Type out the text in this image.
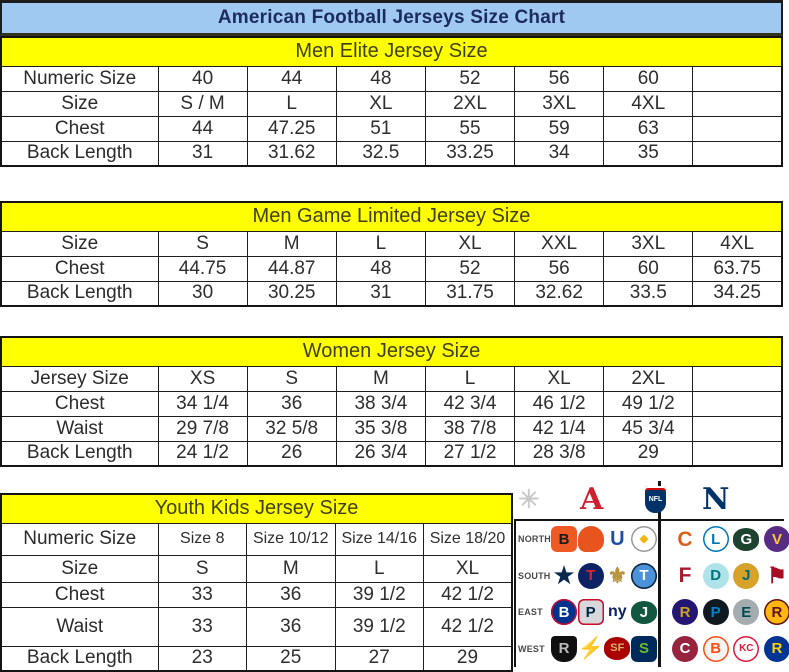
American Football Jerseys Size Chart
Men Elite Jersey Size							
Numeric Size	40	44	48	52	56	60	
Size	S / M	L	XL	2XL	3XL	4XL	
Chest	44	47.25	51	55	59	63	
Back Length	31	31.62	32.5	33.25	34	35	
Men Game Limited Jersey Size							
Size	S	M	L	XL	XXL	3XL	4XL
Chest	44.75	44.87	48	52	56	60	63.75
Back Length	30	30.25	31	31.75	32.62	33.5	34.25
Women Jersey Size							
Jersey Size	XS	S	M	L	XL	2XL	
Chest	34 1/4	36	38 3/4	42 3/4	46 1/2	49 1/2	
Waist	29 7/8	32 5/8	35 3/8	38 7/8	42 1/4	45 3/4	
Back Length	24 1/2	26	26 3/4	27 1/2	28 3/8	29	
Youth Kids Jersey Size				
Numeric Size	Size 8	Size 10/12	Size 14/16	Size 18/20
Size	S	M	L	XL
Chest	33	36	39 1/2	42 1/2
Waist	33	36	39 1/2	42 1/2
Back Length	23	25	27	29
✳ A	NFL N
NORTH B	U	◆	C	L	G	V
SOUTH ★ T ⚜ T	F	D	J ⚑
EAST	B	P ny J	R	P	E	R
WEST R ⚡ SF S	C	B	KC	R
